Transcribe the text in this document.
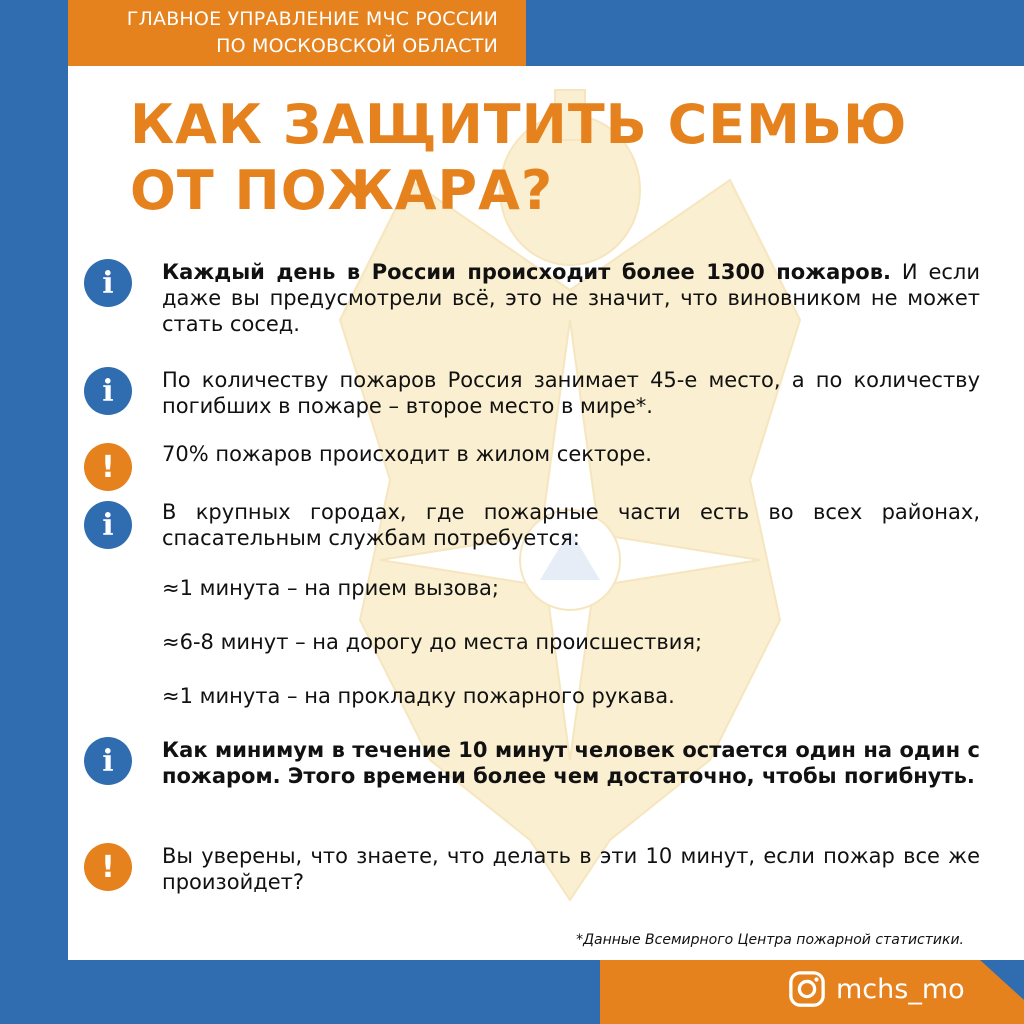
ГЛАВНОЕ УПРАВЛЕНИЕ МЧС РОССИИ
ПО МОСКОВСКОЙ ОБЛАСТИ
КАК ЗАЩИТИТЬ СЕМЬЮ
ОТ ПОЖАРА?
i	Каждый день в России происходит более 1300 пожаров. И если даже вы предусмотрели всё, это не значит, что виновником не может стать сосед.
i	По количеству пожаров Россия занимает 45-е место, а по количеству погибших в пожаре – второе место в мире*.
!	70% пожаров происходит в жилом секторе.
i	В крупных городах, где пожарные части есть во всех районах, спасательным службам потребуется:
≈1 минута – на прием вызова;
≈6-8 минут – на дорогу до места происшествия;
≈1 минута – на прокладку пожарного рукава.
i	Как минимум в течение 10 минут человек остается один на один с пожаром. Этого времени более чем достаточно, чтобы погибнуть.
!	Вы уверены, что знаете, что делать в эти 10 минут, если пожар все же произойдет?
*Данные Всемирного Центра пожарной статистики.
mchs_mo
